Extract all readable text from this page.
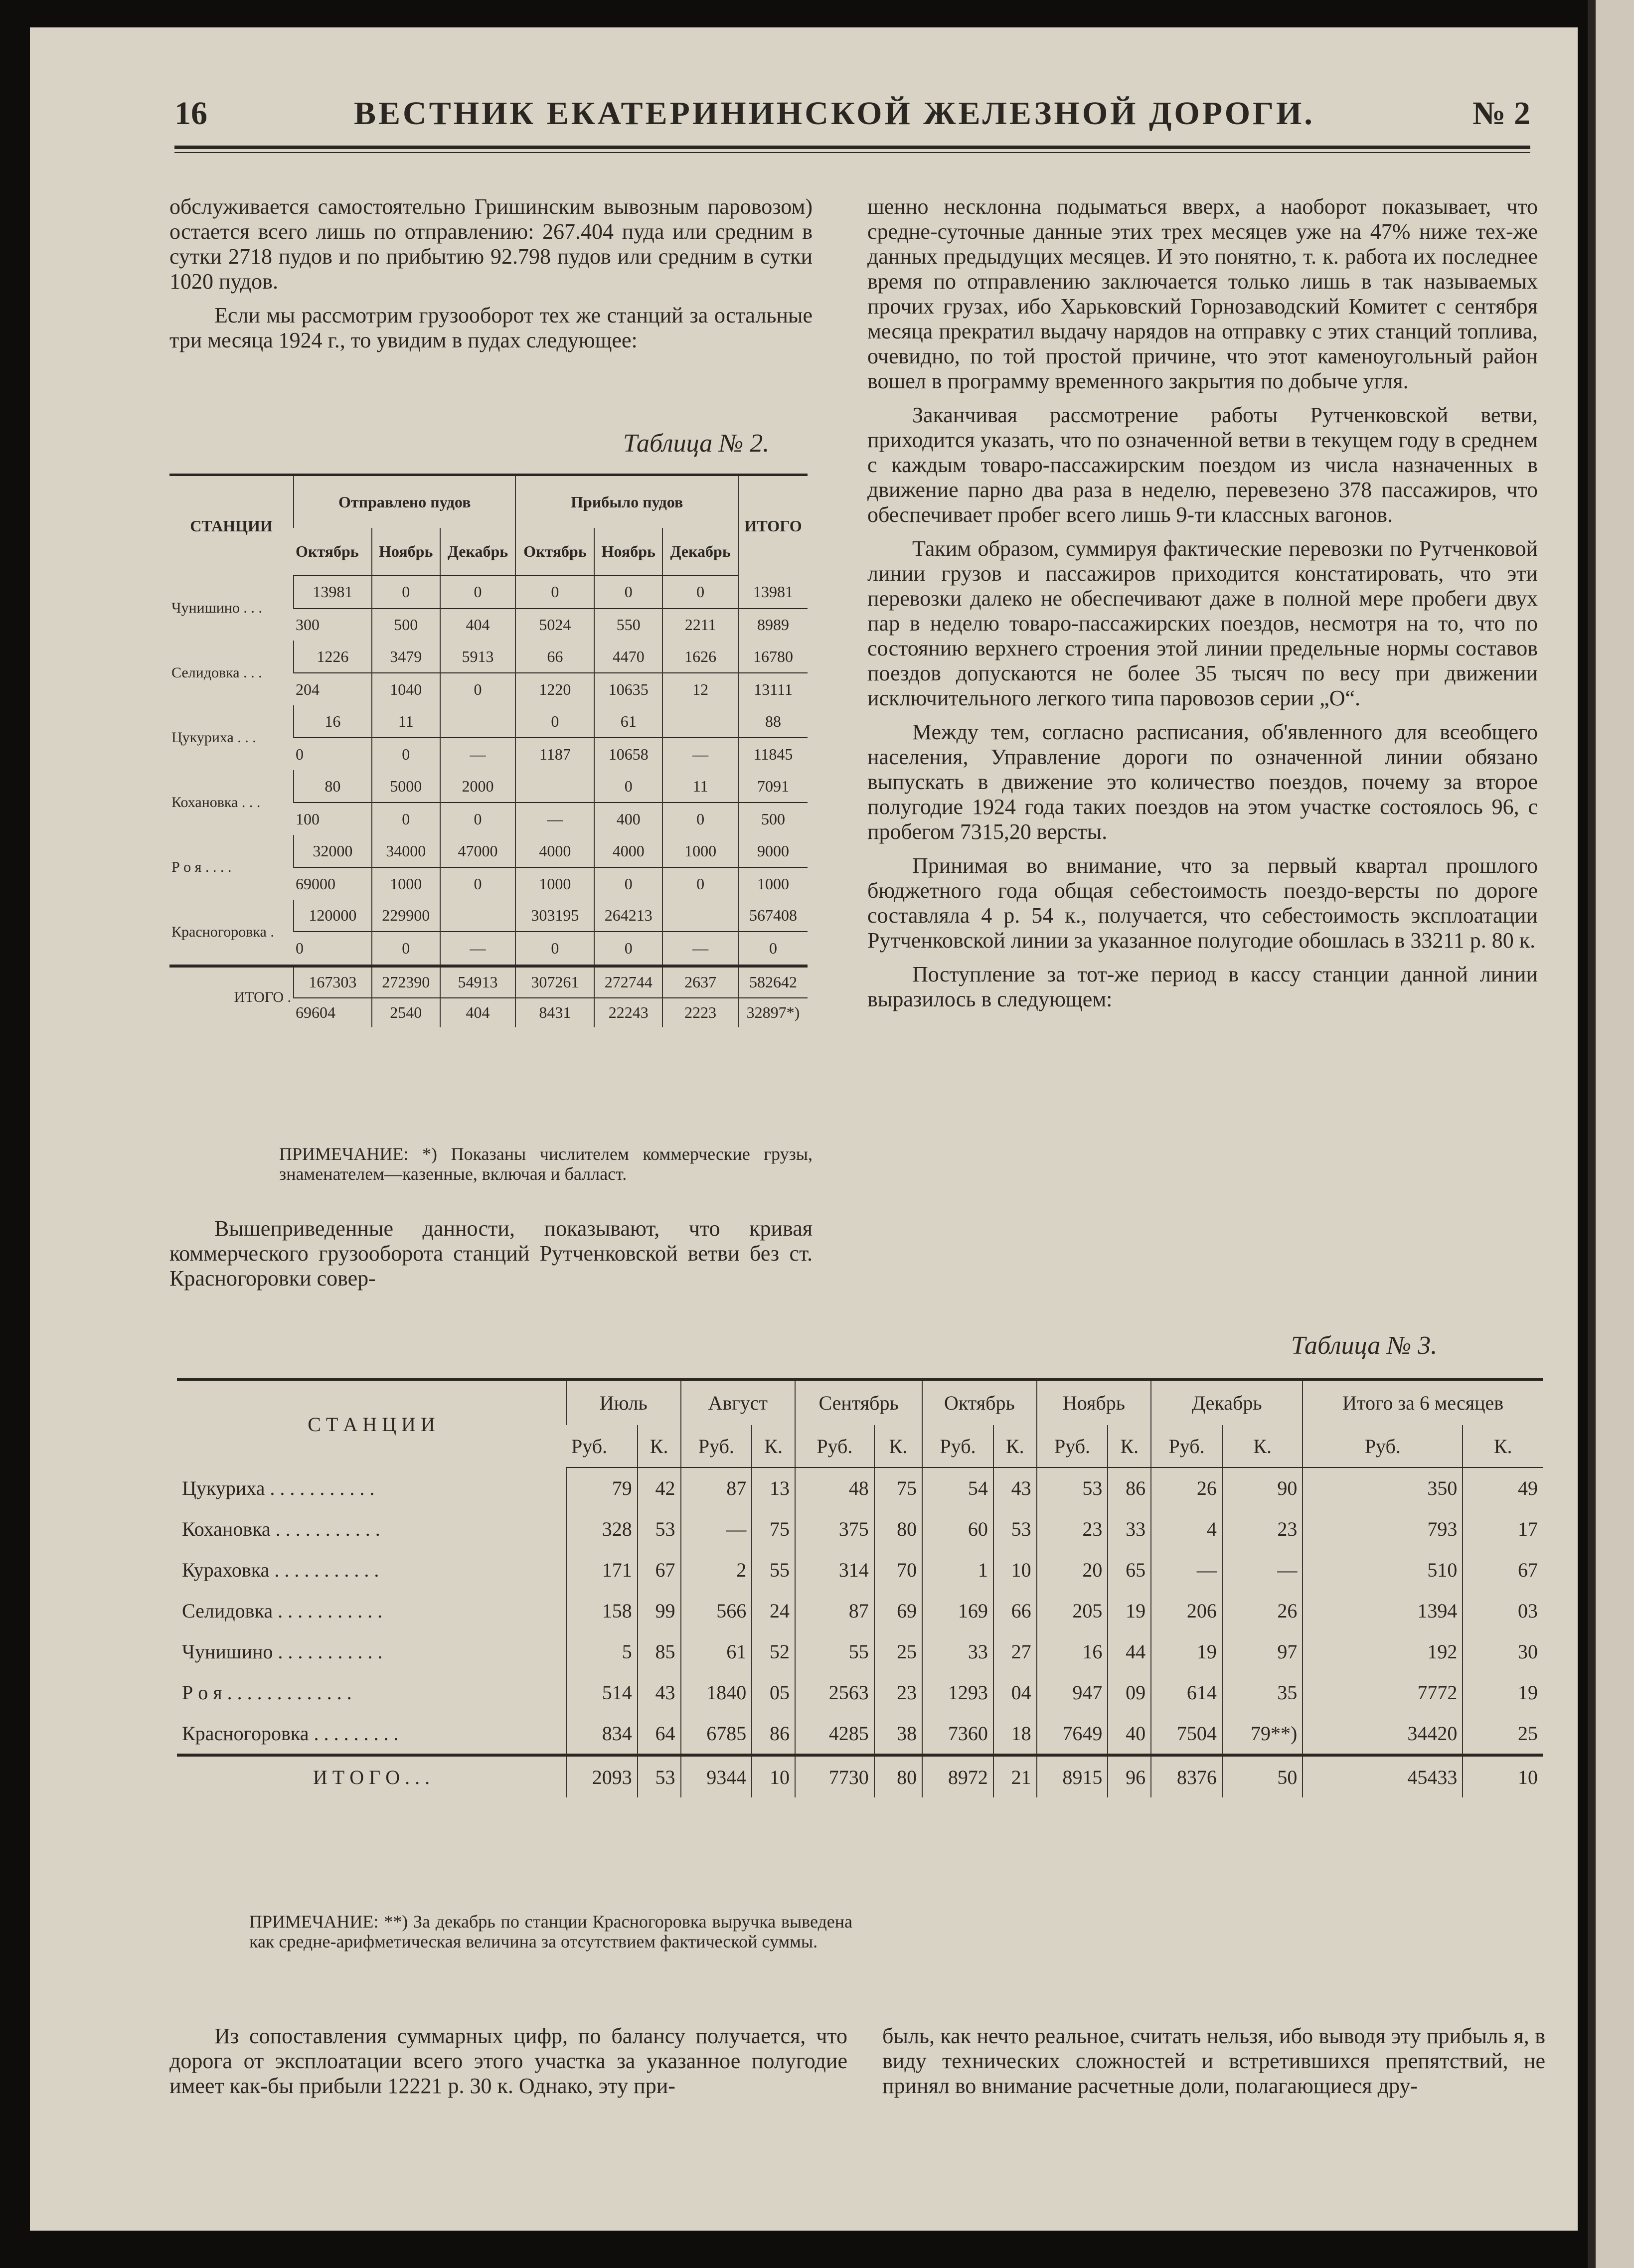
16	ВЕСТНИК ЕКАТЕРИНИНСКОЙ ЖЕЛЕЗНОЙ ДОРОГИ.	№ 2

обслуживается самостоятельно Гришинским вывозным паровозом) остается всего лишь по отправлению: 267.404 пуда или средним в сутки 2718 пудов и по прибытию 92.798 пудов или средним в сутки 1020 пудов.

Если мы рассмотрим грузооборот тех же станций за остальные три месяца 1924 г., то увидим в пудах следующее:

Таблица № 2.
СТАНЦИИ	Отправлено пудов			Прибыло пудов			ИТОГО
	Октябрь	Ноябрь	Декабрь	Октябрь	Ноябрь	Декабрь	
Чунишино . . .	13981	0	0	0	0	0	13981
	300	500	404	5024	550	2211	8989
Селидовка . . .	1226	3479	5913	66	4470	1626	16780
	204	1040	0	1220	10635	12	13111
Цукуриха . . .	16	11		0	61		88
	0	0	—	1187	10658	—	11845
Кохановка . . .	80	5000	2000		0	11	7091
	100	0	0	—	400	0	500
Р о я . . . .	32000	34000	47000	4000	4000	1000	9000
	69000	1000	0	1000	0	0	1000
Красногоровка .	120000	229900		303195	264213		567408
	0	0	—	0	0	—	0
ИТОГО .	167303	272390	54913	307261	272744	2637	582642
	69604	2540	404	8431	22243	2223	32897*)
ПРИМЕЧАНИЕ: *) Показаны числителем коммерческие грузы, знаменателем—казенные, включая и балласт.

Вышеприведенные данности, показывают, что кривая коммерческого грузооборота станций Рутченковской ветви без ст. Красногоровки совер-

шенно несклонна подыматься вверх, а наоборот показывает, что средне-суточные данные этих трех месяцев уже на 47% ниже тех-же данных предыдущих месяцев. И это понятно, т. к. работа их последнее время по отправлению заключается только лишь в так называемых прочих грузах, ибо Харьковский Горнозаводский Комитет с сентября месяца прекратил выдачу нарядов на отправку с этих станций топлива, очевидно, по той простой причине, что этот каменоугольный район вошел в программу временного закрытия по добыче угля.

Заканчивая рассмотрение работы Рутченковской ветви, приходится указать, что по означенной ветви в текущем году в среднем с каждым товаро-пассажирским поездом из числа назначенных в движение парно два раза в неделю, перевезено 378 пассажиров, что обеспечивает пробег всего лишь 9-ти классных вагонов.

Таким образом, суммируя фактические перевозки по Рутченковой линии грузов и пассажиров приходится констатировать, что эти перевозки далеко не обеспечивают даже в полной мере пробеги двух пар в неделю товаро-пассажирских поездов, несмотря на то, что по состоянию верхнего строения этой линии предельные нормы составов поездов допускаются не более 35 тысяч по весу при движении исключительного легкого типа паровозов серии „О“.

Между тем, согласно расписания, об'явленного для всеобщего населения, Управление дороги по означенной линии обязано выпускать в движение это количество поездов, почему за второе полугодие 1924 года таких поездов на этом участке состоялось 96, с пробегом 7315,20 версты.

Принимая во внимание, что за первый квартал прошлого бюджетного года общая себестоимость поездо-версты по дороге составляла 4 р. 54 к., получается, что себестоимость эксплоатации Рутченковской линии за указанное полугодие обошлась в 33211 р. 80 к.

Поступление за тот-же период в кассу станции данной линии выразилось в следующем:

Таблица № 3.
С Т А Н Ц И И	Июль		Август		Сентябрь		Октябрь		Ноябрь		Декабрь		Итого за 6 месяцев	
	Руб.	К.	Руб.	К.	Руб.	К.	Руб.	К.	Руб.	К.	Руб.	К.	Руб.	К.
Цукуриха . . . . . . . . . . .	79	42	87	13	48	75	54	43	53	86	26	90	350	49
Кохановка . . . . . . . . . . .	328	53	—	75	375	80	60	53	23	33	4	23	793	17
Кураховка . . . . . . . . . . .	171	67	2	55	314	70	1	10	20	65	—	—	510	67
Селидовка . . . . . . . . . . .	158	99	566	24	87	69	169	66	205	19	206	26	1394	03
Чунишино . . . . . . . . . . .	5	85	61	52	55	25	33	27	16	44	19	97	192	30
Р о я . . . . . . . . . . . . .	514	43	1840	05	2563	23	1293	04	947	09	614	35	7772	19
Красногоровка . . . . . . . . .	834	64	6785	86	4285	38	7360	18	7649	40	7504	79**)	34420	25
И Т О Г О . . .	2093	53	9344	10	7730	80	8972	21	8915	96	8376	50	45433	10
ПРИМЕЧАНИЕ: **) За декабрь по станции Красногоровка выручка выведена как средне-арифметическая величина за отсутствием фактической суммы.

Из сопоставления суммарных цифр, по балансу получается, что дорога от эксплоатации всего этого участка за указанное полугодие имеет как-бы прибыли 12221 р. 30 к. Однако, эту при-

быль, как нечто реальное, считать нельзя, ибо выводя эту прибыль я, в виду технических сложностей и встретившихся препятствий, не принял во внимание расчетные доли, полагающиеся дру-
